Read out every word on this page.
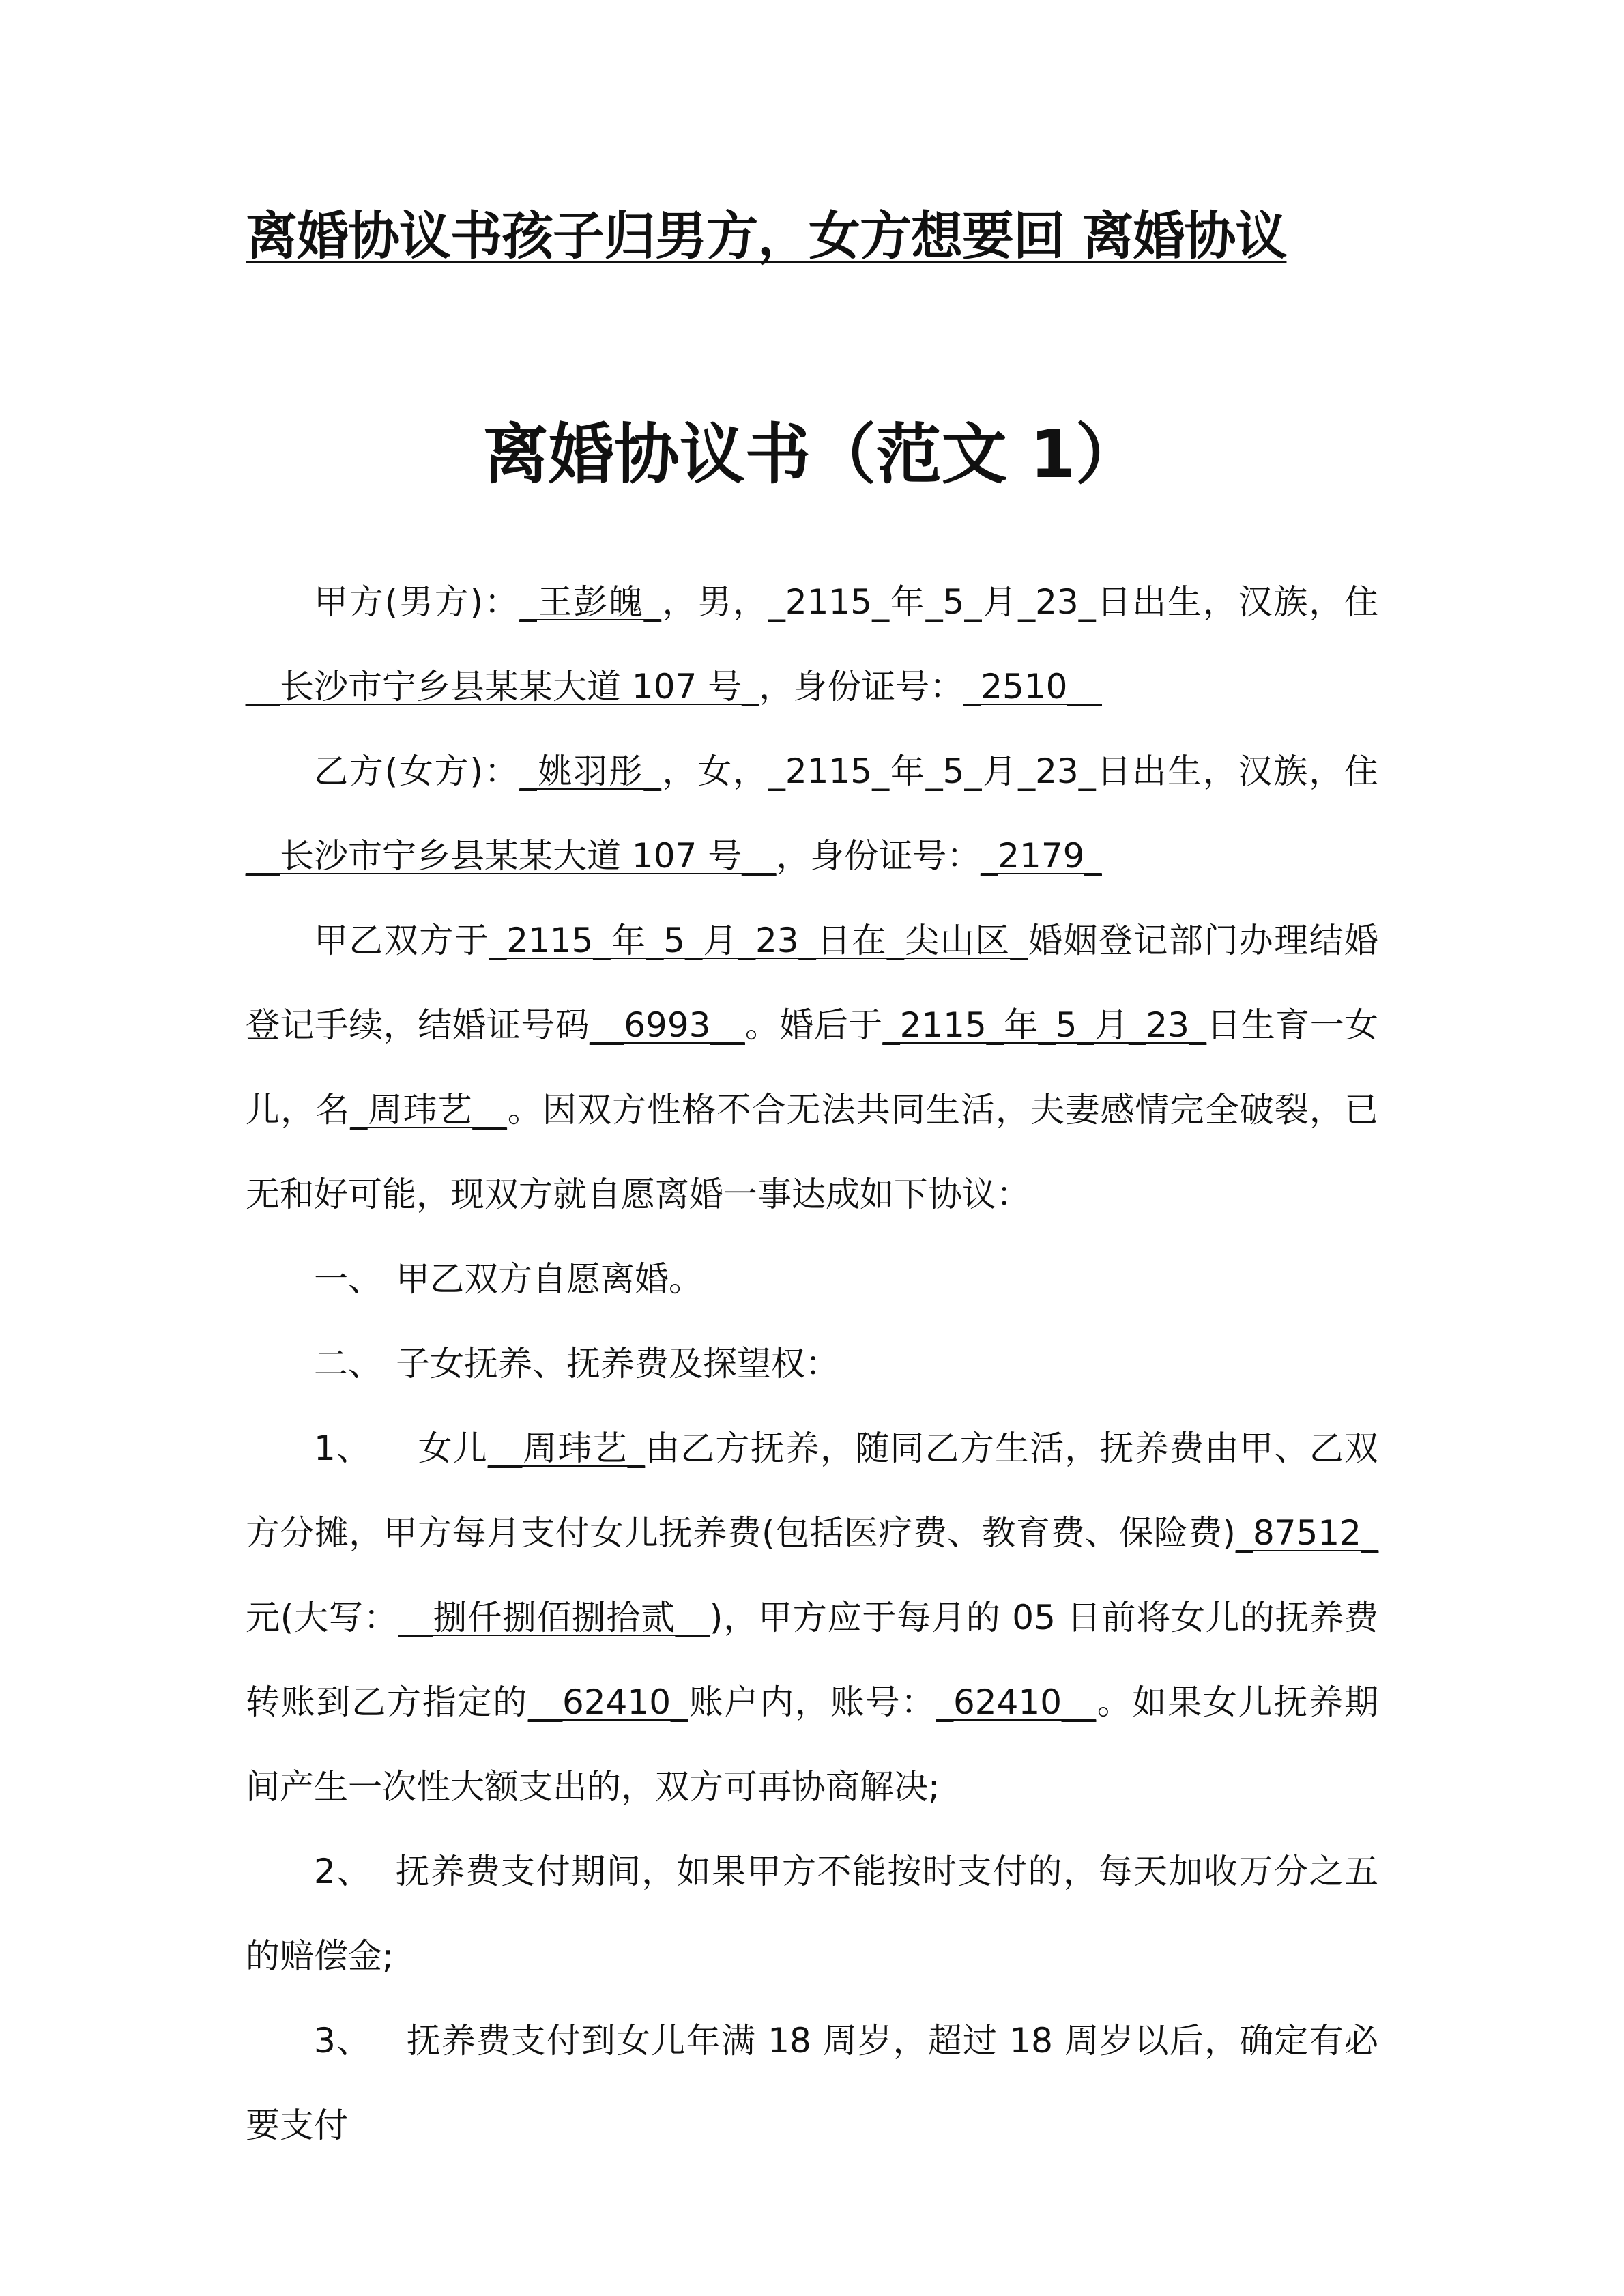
离婚协议书孩子归男方，女方想要回 离婚协议
离婚协议书（范文 1）

甲方(男方)：_王彭魄_，男，_2115_年_5_月_23_日出生，汉族，住__长沙市宁乡县某某大道 107 号_，身份证号：_2510__

乙方(女方)：_姚羽彤_，女，_2115_年_5_月_23_日出生，汉族，住__长沙市宁乡县某某大道 107 号__，身份证号：_2179_

甲乙双方于_2115_年_5_月_23_日在_尖山区_婚姻登记部门办理结婚登记手续，结婚证号码__6993__。婚后于_2115_年_5_月_23_日生育一女儿，名_周玮艺__。因双方性格不合无法共同生活，夫妻感情完全破裂，已无和好可能，现双方就自愿离婚一事达成如下协议：

一、 甲乙双方自愿离婚。

二、 子女抚养、抚养费及探望权：

1、 女儿__周玮艺_由乙方抚养，随同乙方生活，抚养费由甲、乙双方分摊，甲方每月支付女儿抚养费(包括医疗费、教育费、保险费)_87512_元(大写：__捌仟捌佰捌拾贰__)，甲方应于每月的 05 日前将女儿的抚养费转账到乙方指定的__62410_账户内，账号：_62410__。如果女儿抚养期间产生一次性大额支出的，双方可再协商解决;

2、 抚养费支付期间，如果甲方不能按时支付的，每天加收万分之五的赔偿金;

3、 抚养费支付到女儿年满 18 周岁，超过 18 周岁以后，确定有必要支付
